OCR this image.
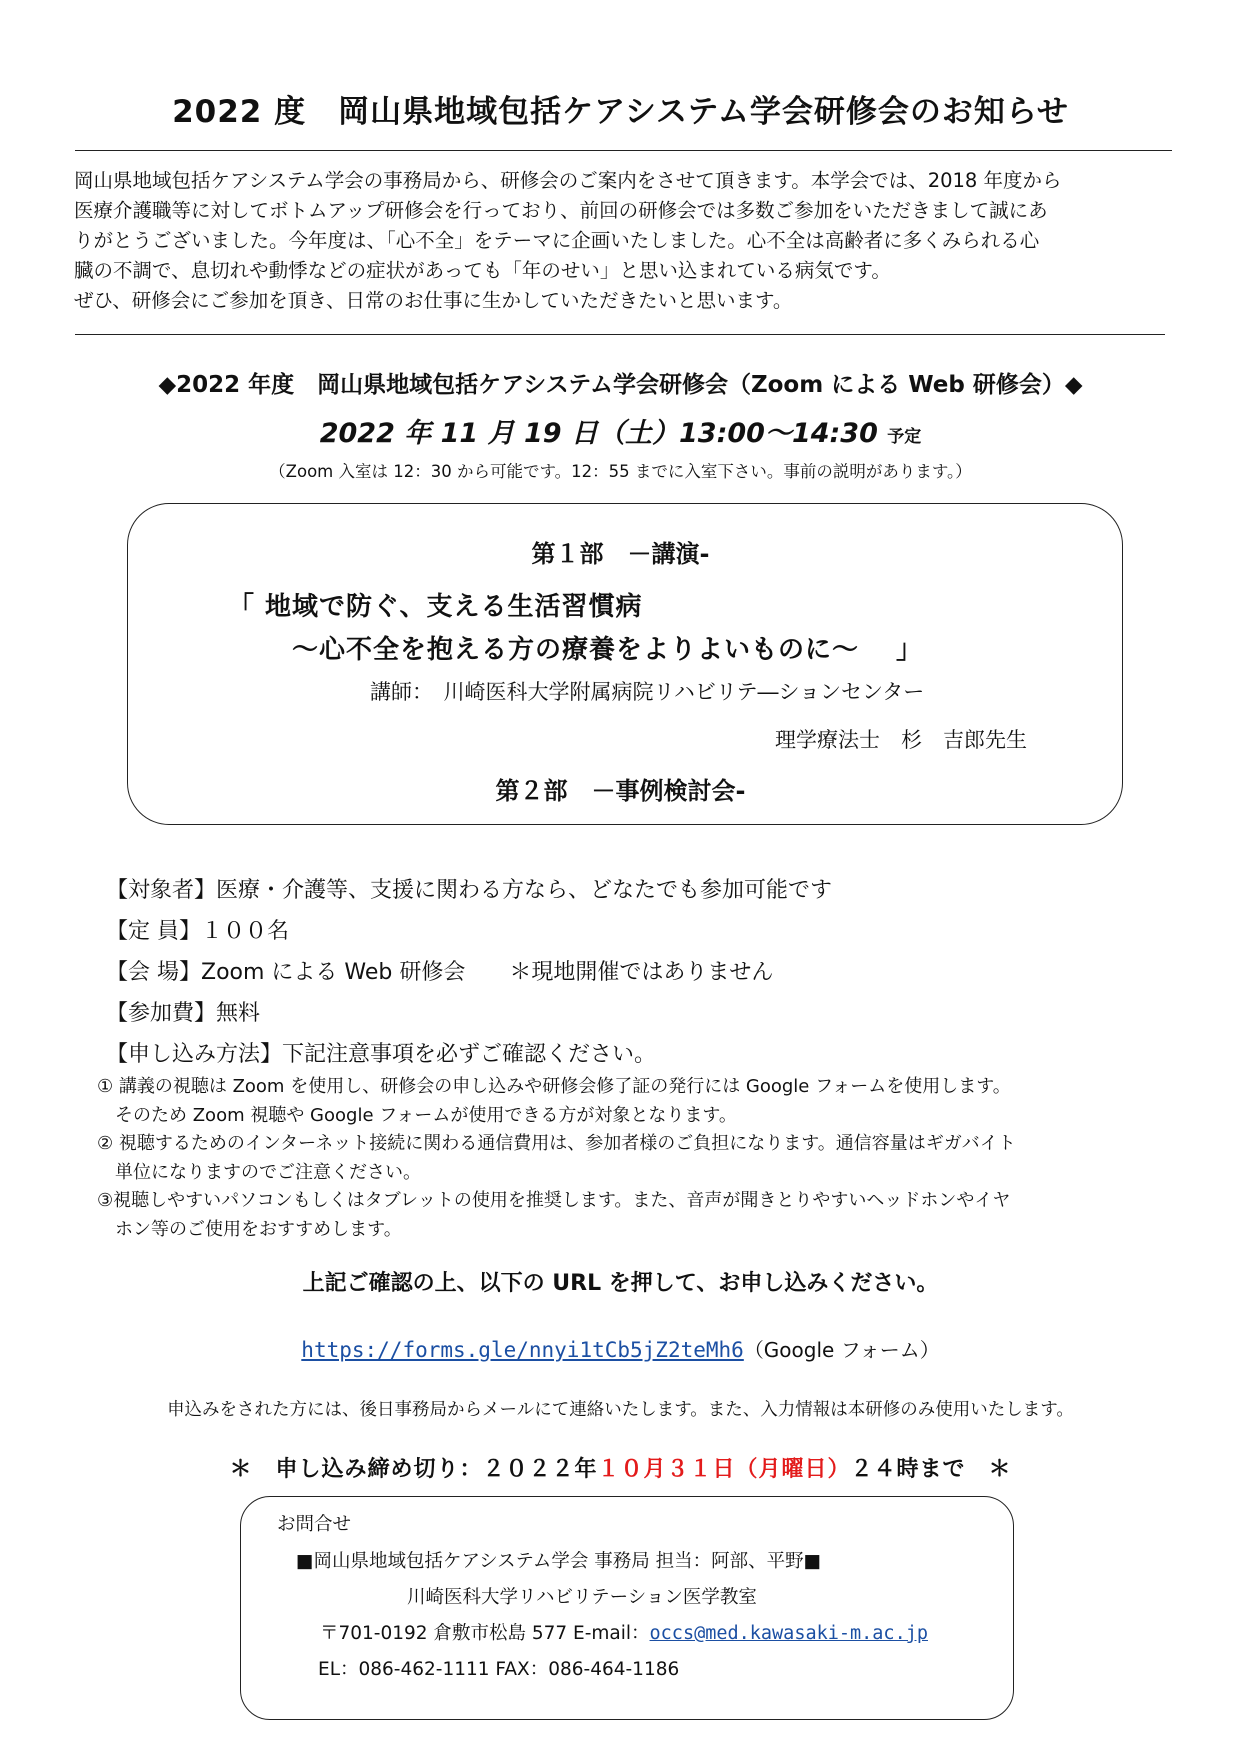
2022 度　岡山県地域包括ケアシステム学会研修会のお知らせ
岡山県地域包括ケアシステム学会の事務局から、研修会のご案内をさせて頂きます。本学会では、2018 年度から
医療介護職等に対してボトムアップ研修会を行っており、前回の研修会では多数ご参加をいただきまして誠にあ
りがとうございました。今年度は、「心不全」をテーマに企画いたしました。心不全は高齢者に多くみられる心
臓の不調で、息切れや動悸などの症状があっても「年のせい」と思い込まれている病気です。
ぜひ、研修会にご参加を頂き、日常のお仕事に生かしていただきたいと思います。
◆2022 年度　岡山県地域包括ケアシステム学会研修会（Zoom による Web 研修会）◆
2022 年 11 月 19 日（土）13:00～14:30 予定
（Zoom 入室は 12：30 から可能です。12：55 までに入室下さい。事前の説明があります。）
第１部　－講演-
「 地域で防ぐ、支える生活習慣病
～心不全を抱える方の療養をよりよいものに～　 」
講師：　川崎医科大学附属病院リハビリテ―ションセンター
理学療法士　杉　吉郎先生
第２部　－事例検討会-
【対象者】医療・介護等、支援に関わる方なら、どなたでも参加可能です
【定 員】１００名
【会 場】Zoom による Web 研修会　　＊現地開催ではありません
【参加費】無料
【申し込み方法】下記注意事項を必ずご確認ください。
① 講義の視聴は Zoom を使用し、研修会の申し込みや研修会修了証の発行には Google フォームを使用します。
　そのため Zoom 視聴や Google フォームが使用できる方が対象となります。
② 視聴するためのインターネット接続に関わる通信費用は、参加者様のご負担になります。通信容量はギガバイト
　単位になりますのでご注意ください。
③視聴しやすいパソコンもしくはタブレットの使用を推奨します。また、音声が聞きとりやすいヘッドホンやイヤ
　ホン等のご使用をおすすめします。
上記ご確認の上、以下の URL を押して、お申し込みください。
https://forms.gle/nnyi1tCb5jZ2teMh6（Google フォーム）
申込みをされた方には、後日事務局からメールにて連絡いたします。また、入力情報は本研修のみ使用いたします。
＊　申し込み締め切り：２０２２年１０月３１日（月曜日）２４時まで　＊
お問合せ
■岡山県地域包括ケアシステム学会 事務局 担当：阿部、平野■
川崎医科大学リハビリテーション医学教室
〒701-0192 倉敷市松島 577 E-mail：occs@med.kawasaki-m.ac.jp
EL：086-462-1111 FAX：086-464-1186
